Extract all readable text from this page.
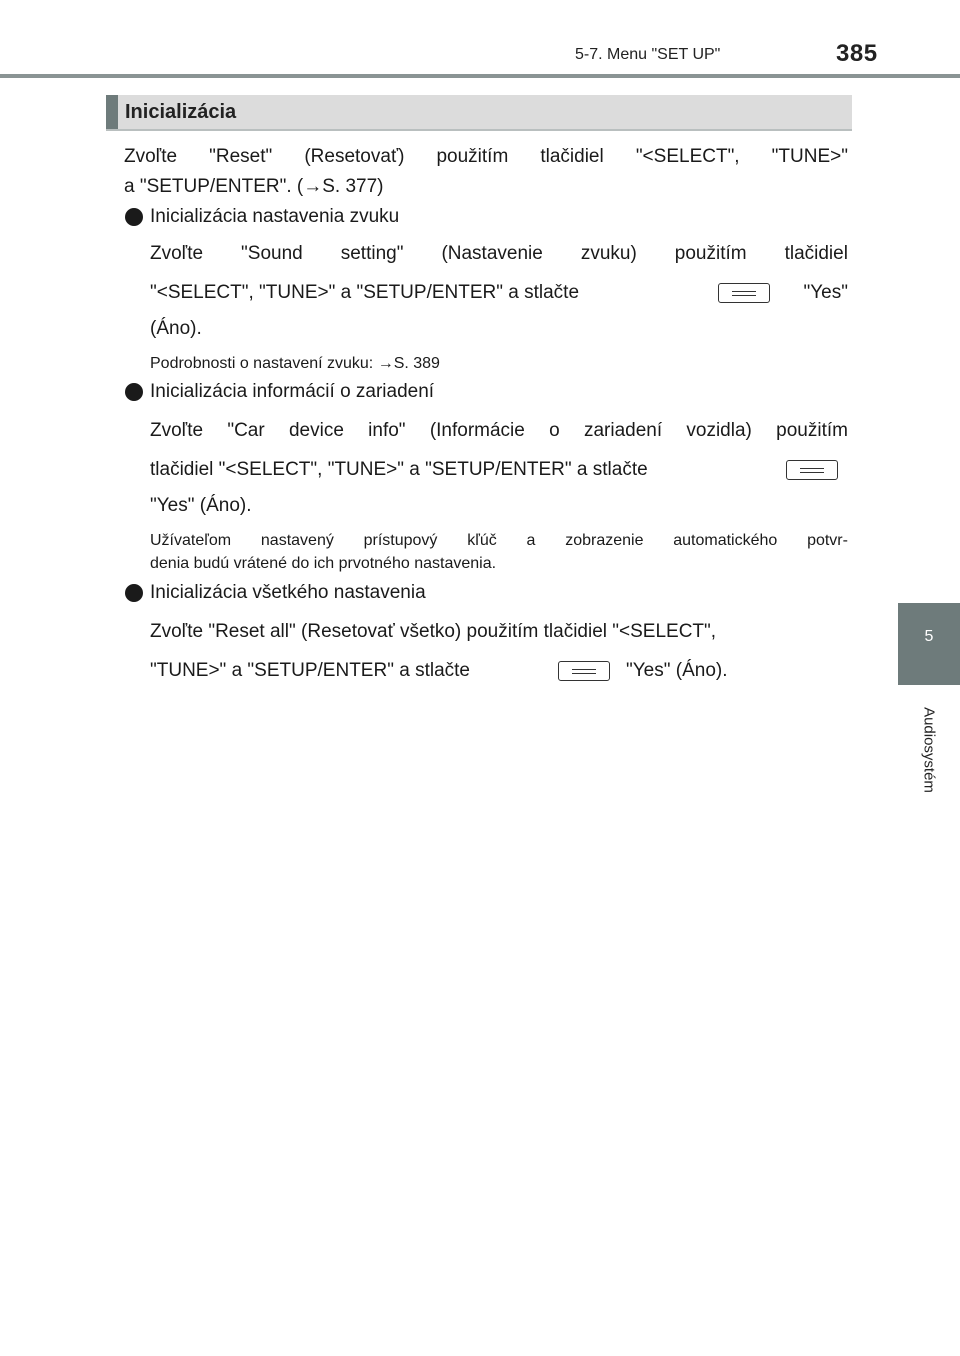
5-7. Menu "SET UP"	385
5
Audiosystém
Inicializácia
Zvoľte "Reset" (Resetovať) použitím tlačidiel "<SELECT", "TUNE>"
a "SETUP/ENTER". (→S. 377)
Inicializácia nastavenia zvuku
Zvoľte "Sound setting" (Nastavenie zvuku) použitím tlačidiel
"<SELECT", "TUNE>" a "SETUP/ENTER" a stlačte	"Yes"
(Áno).
Podrobnosti o nastavení zvuku: →S. 389
Inicializácia informácií o zariadení
Zvoľte "Car device info" (Informácie o zariadení vozidla) použitím
tlačidiel "<SELECT", "TUNE>" a "SETUP/ENTER" a stlačte
"Yes" (Áno).
Užívateľom nastavený prístupový kľúč a zobrazenie automatického potvr-
denia budú vrátené do ich prvotného nastavenia.
Inicializácia všetkého nastavenia
Zvoľte "Reset all" (Resetovať všetko) použitím tlačidiel "<SELECT",
"TUNE>" a "SETUP/ENTER" a stlačte	"Yes" (Áno).
